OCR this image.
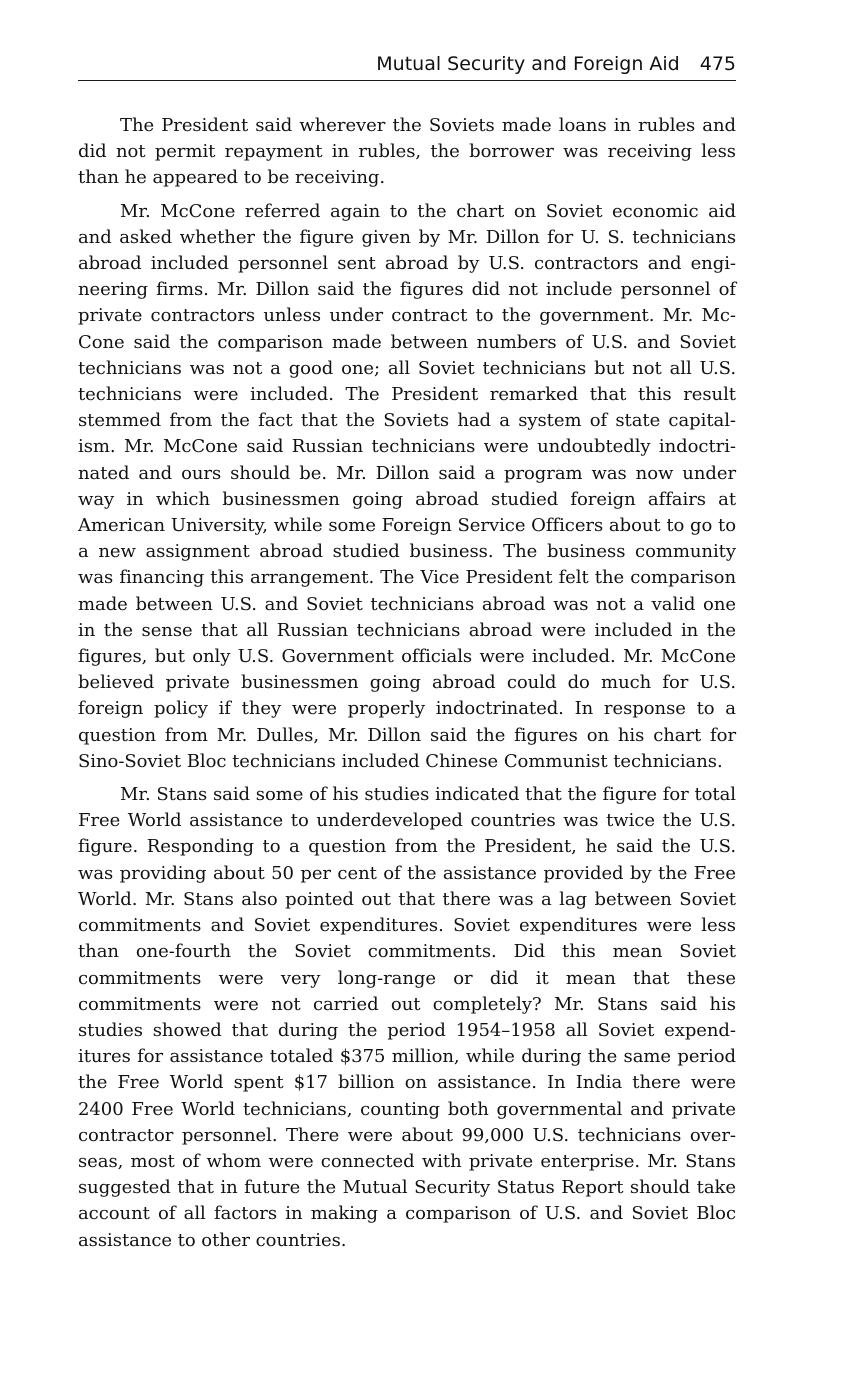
Mutual Security and Foreign Aid 475

The President said wherever the Soviets made loans in rubles and did not permit repayment in rubles, the borrower was receiving less than he appeared to be receiving.

Mr. McCone referred again to the chart on Soviet economic aid and asked whether the figure given by Mr. Dillon for U. S. technicians abroad included personnel sent abroad by U.S. contractors and engineering firms. Mr. Dillon said the figures did not include personnel of private contractors unless under contract to the government. Mr. McCone said the comparison made between numbers of U.S. and Soviet technicians was not a good one; all Soviet technicians but not all U.S. technicians were included. The President remarked that this result stemmed from the fact that the Soviets had a system of state capitalism. Mr. McCone said Russian technicians were undoubtedly indoctrinated and ours should be. Mr. Dillon said a program was now under way in which businessmen going abroad studied foreign affairs at American University, while some Foreign Service Officers about to go to a new assignment abroad studied business. The business community was financing this arrangement. The Vice President felt the comparison made between U.S. and Soviet technicians abroad was not a valid one in the sense that all Russian technicians abroad were included in the figures, but only U.S. Government officials were included. Mr. McCone believed private businessmen going abroad could do much for U.S. foreign policy if they were properly indoctrinated. In response to a question from Mr. Dulles, Mr. Dillon said the figures on his chart for Sino-Soviet Bloc technicians included Chinese Communist technicians.

Mr. Stans said some of his studies indicated that the figure for total Free World assistance to underdeveloped countries was twice the U.S. figure. Responding to a question from the President, he said the U.S. was providing about 50 per cent of the assistance provided by the Free World. Mr. Stans also pointed out that there was a lag between Soviet commitments and Soviet expenditures. Soviet expenditures were less than one-fourth the Soviet commitments. Did this mean Soviet commitments were very long-range or did it mean that these commitments were not carried out completely? Mr. Stans said his studies showed that during the period 1954–1958 all Soviet expenditures for assistance totaled $375 million, while during the same period the Free World spent $17 billion on assistance. In India there were 2400 Free World technicians, counting both governmental and private contractor personnel. There were about 99,000 U.S. technicians overseas, most of whom were connected with private enterprise. Mr. Stans suggested that in future the Mutual Security Status Report should take account of all factors in making a comparison of U.S. and Soviet Bloc assistance to other countries.
